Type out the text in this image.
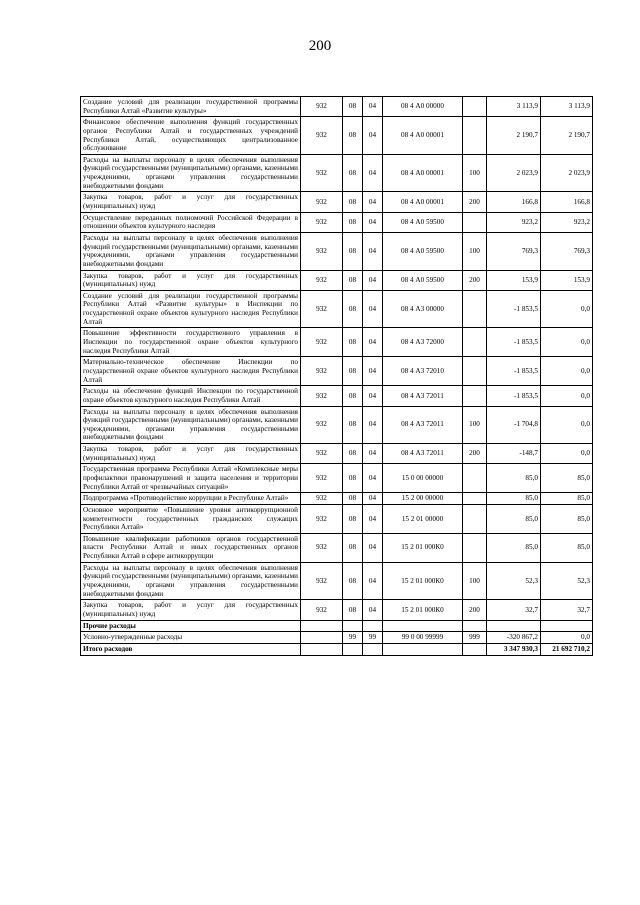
200
Создание условий для реализации государственной программы Республики Алтай «Развитие культуры»	932	08	04	08 4 А0 00000		3 113,9	3 113,9
Финансовое обеспечение выполнения функций государственных органов Республики Алтай и государственных учреждений Республики Алтай, осуществляющих централизованное обслуживание	932	08	04	08 4 А0 00001		2 190,7	2 190,7
Расходы на выплаты персоналу в целях обеспечения выполнения функций государственными (муниципальными) органами, казенными учреждениями, органами управления государственными внебюджетными фондами	932	08	04	08 4 А0 00001	100	2 023,9	2 023,9
Закупка товаров, работ и услуг для государственных (муниципальных) нужд	932	08	04	08 4 А0 00001	200	166,8	166,8
Осуществление переданных полномочий Российской Федерации в отношении объектов культурного наследия	932	08	04	08 4 А0 59500		923,2	923,2
Расходы на выплаты персоналу в целях обеспечения выполнения функций государственными (муниципальными) органами, казенными учреждениями, органами управления государственными внебюджетными фондами	932	08	04	08 4 А0 59500	100	769,3	769,3
Закупка товаров, работ и услуг для государственных (муниципальных) нужд	932	08	04	08 4 А0 59500	200	153,9	153,9
Создание условий для реализации государственной программы Республики Алтай «Развитие культуры» в Инспекции по государственной охране объектов культурного наследия Республики Алтай	932	08	04	08 4 А3 00000		-1 853,5	0,0
Повышение эффективности государственного управления в Инспекции по государственной охране объектов культурного наследия Республики Алтай	932	08	04	08 4 А3 72000		-1 853,5	0,0
Материально-техническое обеспечение Инспекции по государственной охране объектов культурного наследия Республики Алтай	932	08	04	08 4 А3 72010		-1 853,5	0,0
Расходы на обеспечение функций Инспекции по государственной охране объектов культурного наследия Республики Алтай	932	08	04	08 4 А3 72011		-1 853,5	0,0
Расходы на выплаты персоналу в целях обеспечения выполнения функций государственными (муниципальными) органами, казенными учреждениями, органами управления государственными внебюджетными фондами	932	08	04	08 4 А3 72011	100	-1 704,8	0,0
Закупка товаров, работ и услуг для государственных (муниципальных) нужд	932	08	04	08 4 А3 72011	200	-148,7	0,0
Государственная программа Республики Алтай «Комплексные меры профилактики правонарушений и защита населения и территории Республики Алтай от чрезвычайных ситуаций»	932	08	04	15 0 00 00000		85,0	85,0
Подпрограмма «Противодействие коррупции в Республике Алтай»	932	08	04	15 2 00 00000		85,0	85,0
Основное мероприятие «Повышение уровня антикоррупционной компетентности государственных гражданских служащих Республики Алтай»	932	08	04	15 2 01 00000		85,0	85,0
Повышение квалификации работников органов государственной власти Республики Алтай и иных государственных органов Республики Алтай в сфере антикоррупции	932	08	04	15 2 01 000К0		85,0	85,0
Расходы на выплаты персоналу в целях обеспечения выполнения функций государственными (муниципальными) органами, казенными учреждениями, органами управления государственными внебюджетными фондами	932	08	04	15 2 01 000К0	100	52,3	52,3
Закупка товаров, работ и услуг для государственных (муниципальных) нужд	932	08	04	15 2 01 000К0	200	32,7	32,7
Прочие расходы							
Условно-утвержденные расходы		99	99	99 0 00 99999	999	-320 867,2	0,0
Итого расходов						3 347 930,3	21 692 710,2
